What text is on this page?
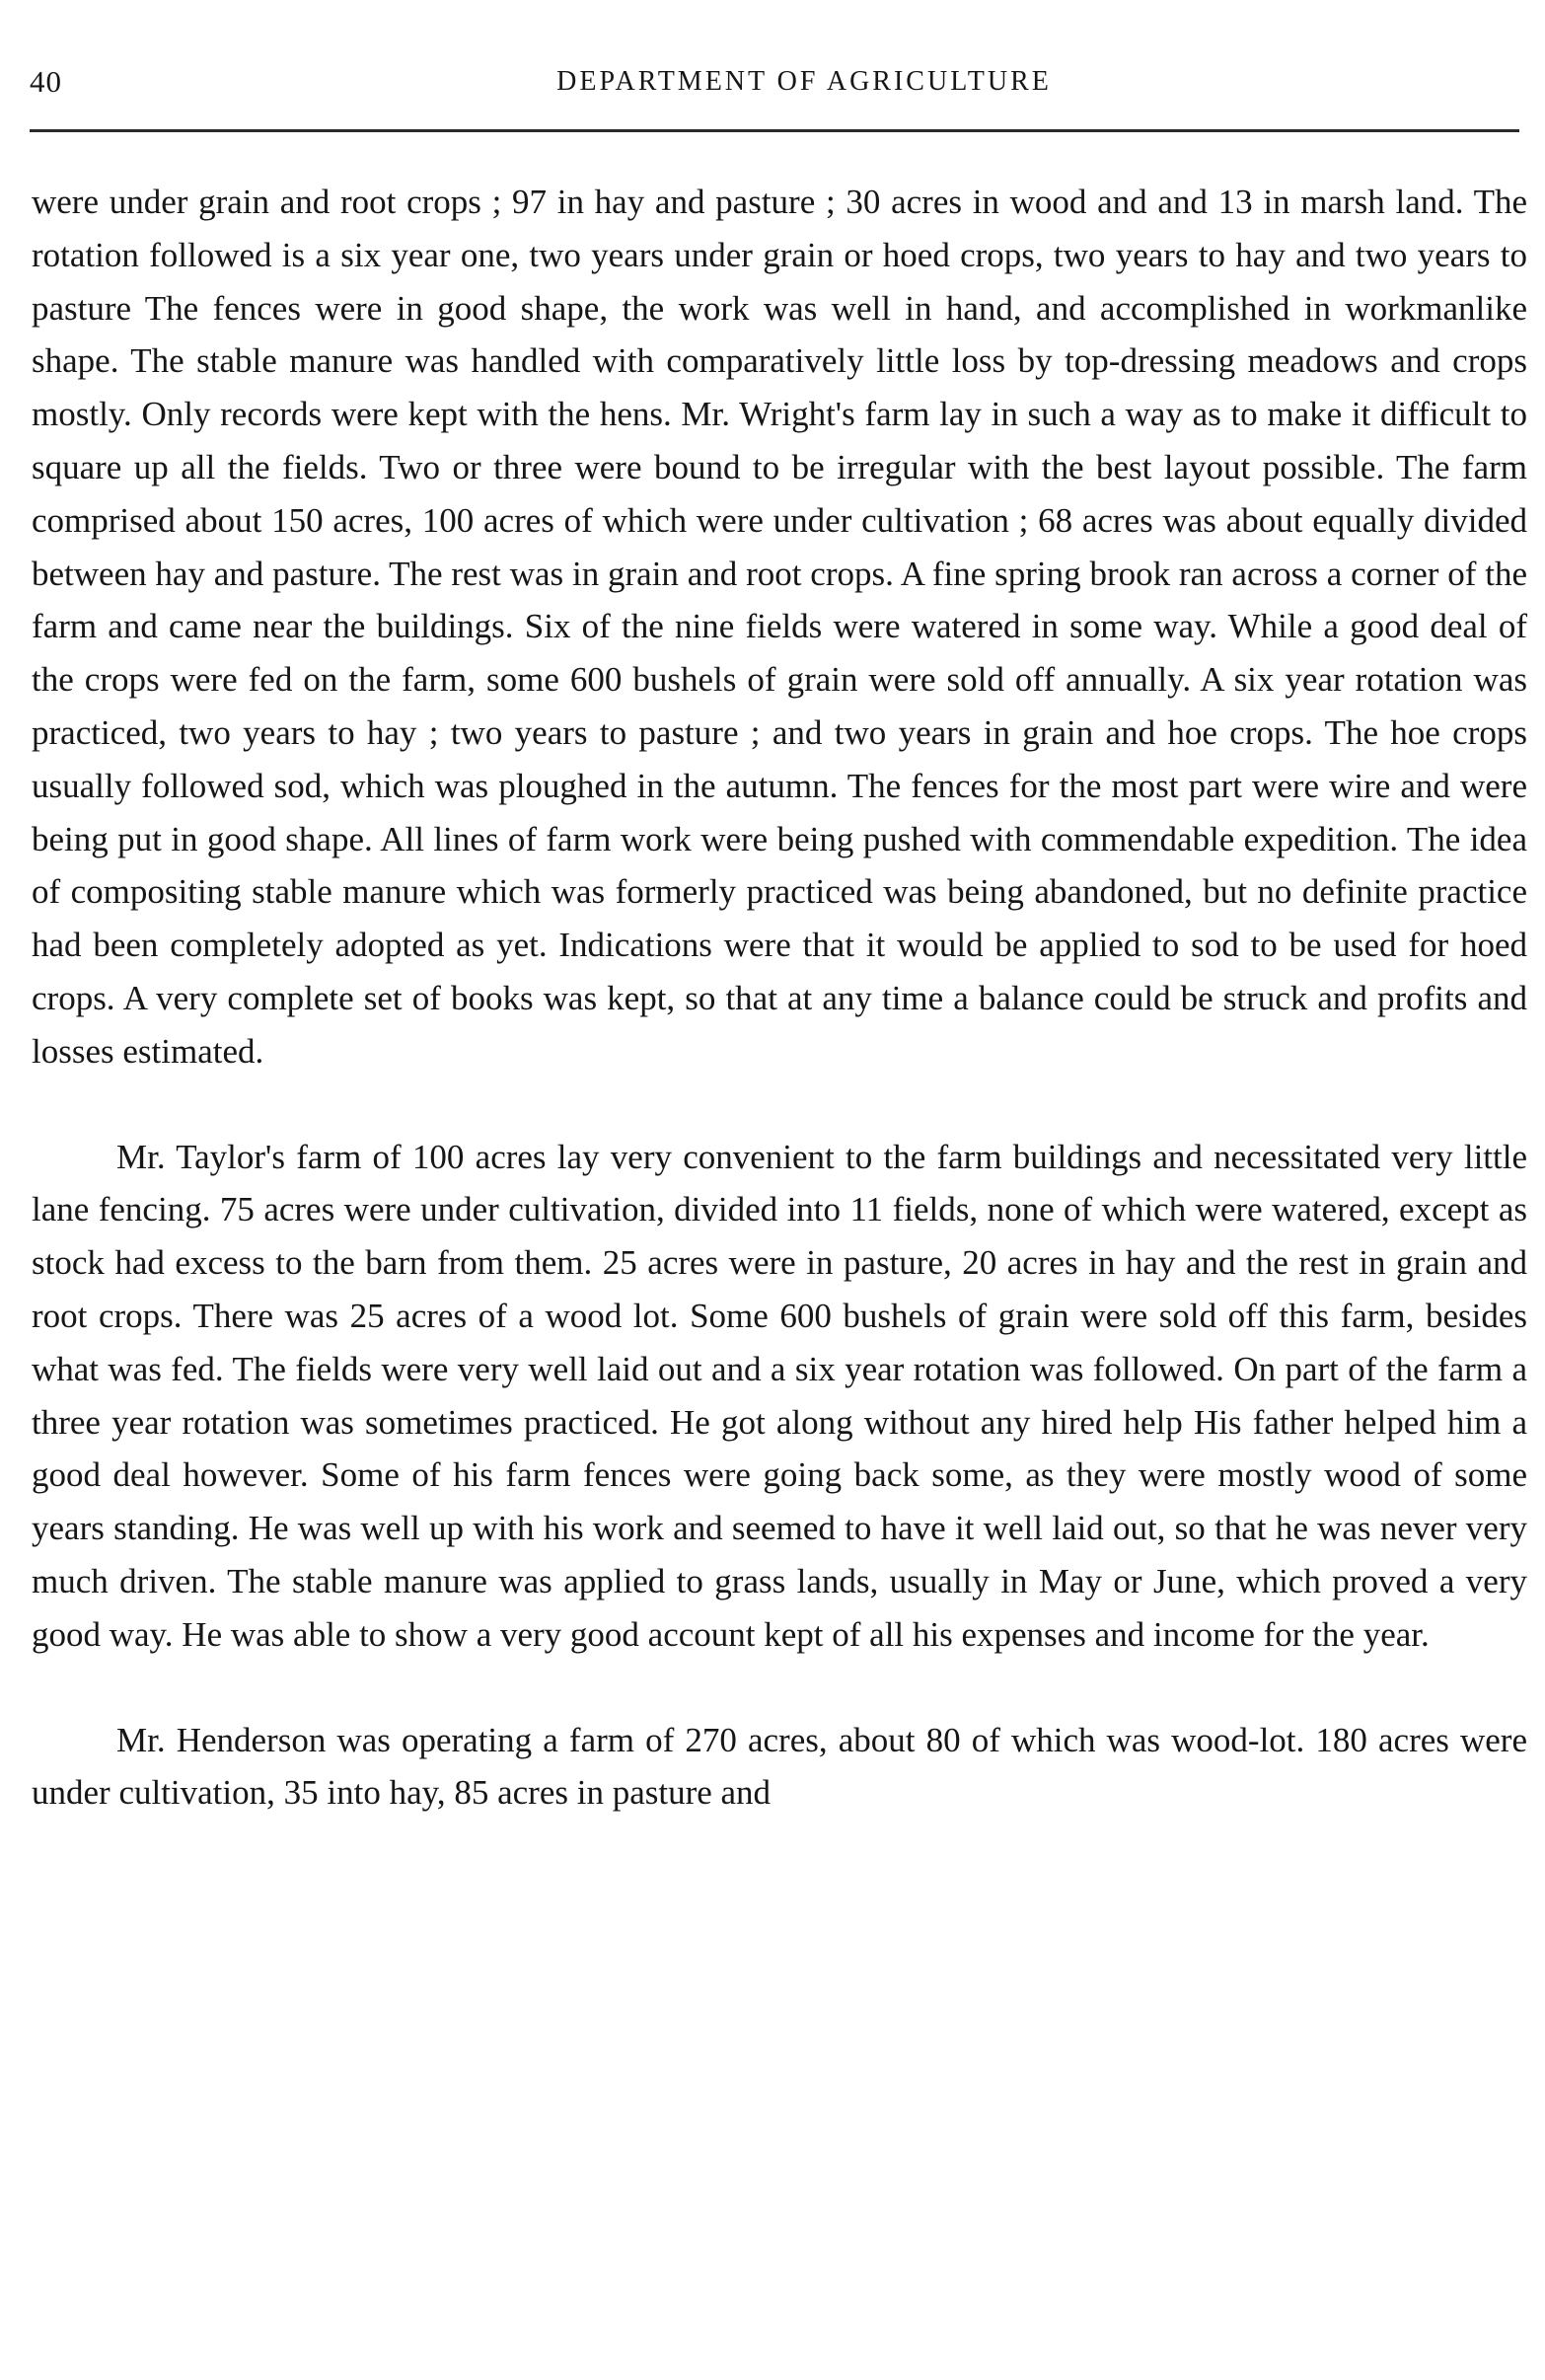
40	DEPARTMENT OF AGRICULTURE

were under grain and root crops ; 97 in hay and pasture ; 30 acres in wood and and 13 in marsh land. The rotation followed is a six year one, two years under grain or hoed crops, two years to hay and two years to pasture The fences were in good shape, the work was well in hand, and accomplished in workmanlike shape. The stable manure was handled with comparatively little loss by top-dressing meadows and crops mostly. Only records were kept with the hens. Mr. Wright's farm lay in such a way as to make it difficult to square up all the fields. Two or three were bound to be irregular with the best layout possible. The farm comprised about 150 acres, 100 acres of which were under cultivation ; 68 acres was about equally divided between hay and pasture. The rest was in grain and root crops. A fine spring brook ran across a corner of the farm and came near the buildings. Six of the nine fields were watered in some way. While a good deal of the crops were fed on the farm, some 600 bushels of grain were sold off annually. A six year rotation was practiced, two years to hay ; two years to pasture ; and two years in grain and hoe crops. The hoe crops usually followed sod, which was ploughed in the autumn. The fences for the most part were wire and were being put in good shape. All lines of farm work were being pushed with commendable expedition. The idea of compositing stable manure which was formerly practiced was being abandoned, but no definite practice had been completely adopted as yet. Indications were that it would be applied to sod to be used for hoed crops. A very complete set of books was kept, so that at any time a balance could be struck and profits and losses estimated.

Mr. Taylor's farm of 100 acres lay very convenient to the farm buildings and necessitated very little lane fencing. 75 acres were under cultivation, divided into 11 fields, none of which were watered, except as stock had excess to the barn from them. 25 acres were in pasture, 20 acres in hay and the rest in grain and root crops. There was 25 acres of a wood lot. Some 600 bushels of grain were sold off this farm, besides what was fed. The fields were very well laid out and a six year rotation was followed. On part of the farm a three year rotation was sometimes practiced. He got along without any hired help His father helped him a good deal however. Some of his farm fences were going back some, as they were mostly wood of some years standing. He was well up with his work and seemed to have it well laid out, so that he was never very much driven. The stable manure was applied to grass lands, usually in May or June, which proved a very good way. He was able to show a very good account kept of all his expenses and income for the year.

Mr. Henderson was operating a farm of 270 acres, about 80 of which was wood-lot. 180 acres were under cultivation, 35 into hay, 85 acres in pasture and
